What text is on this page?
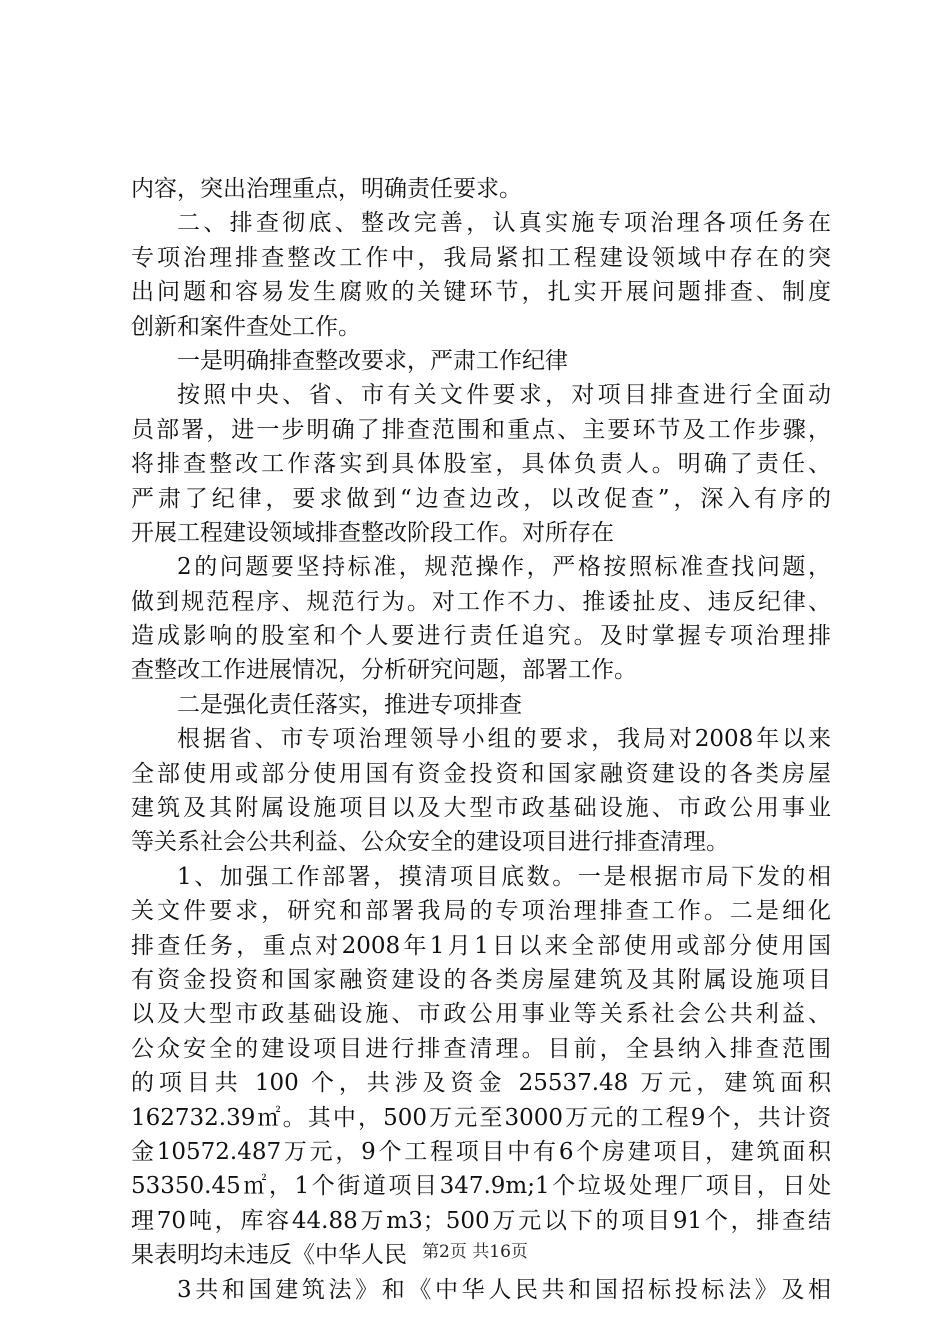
内容，突出治理重点，明确责任要求。
二、排查彻底、整改完善，认真实施专项治理各项任务在
专项治理排查整改工作中，我局紧扣工程建设领域中存在的突
出问题和容易发生腐败的关键环节，扎实开展问题排查、制度
创新和案件查处工作。
一是明确排查整改要求，严肃工作纪律
按照中央、省、市有关文件要求，对项目排查进行全面动
员部署，进一步明确了排查范围和重点、主要环节及工作步骤，
将排查整改工作落实到具体股室，具体负责人。明确了责任、
严肃了纪律，要求做到“边查边改，以改促查”，深入有序的
开展工程建设领域排查整改阶段工作。对所存在
2的问题要坚持标准，规范操作，严格按照标准查找问题，
做到规范程序、规范行为。对工作不力、推诿扯皮、违反纪律、
造成影响的股室和个人要进行责任追究。及时掌握专项治理排
查整改工作进展情况，分析研究问题，部署工作。
二是强化责任落实，推进专项排查
根据省、市专项治理领导小组的要求，我局对2008年以来
全部使用或部分使用国有资金投资和国家融资建设的各类房屋
建筑及其附属设施项目以及大型市政基础设施、市政公用事业
等关系社会公共利益、公众安全的建设项目进行排查清理。
1、加强工作部署，摸清项目底数。一是根据市局下发的相
关文件要求，研究和部署我局的专项治理排查工作。二是细化
排查任务，重点对2008年1月1日以来全部使用或部分使用国
有资金投资和国家融资建设的各类房屋建筑及其附属设施项目
以及大型市政基础设施、市政公用事业等关系社会公共利益、
公众安全的建设项目进行排查清理。目前，全县纳入排查范围
的项目共 100 个，共涉及资金 25537.48 万元，建筑面积
162732.39㎡。其中，500万元至3000万元的工程9个，共计资
金10572.487万元，9个工程项目中有6个房建项目，建筑面积
53350.45㎡，1个街道项目347.9m;1个垃圾处理厂项目，日处
理70吨，库容44.88万m3；500万元以下的项目91个，排查结
果表明均未违反《中华人民
3共和国建筑法》和《中华人民共和国招标投标法》及相
第2页 共16页
